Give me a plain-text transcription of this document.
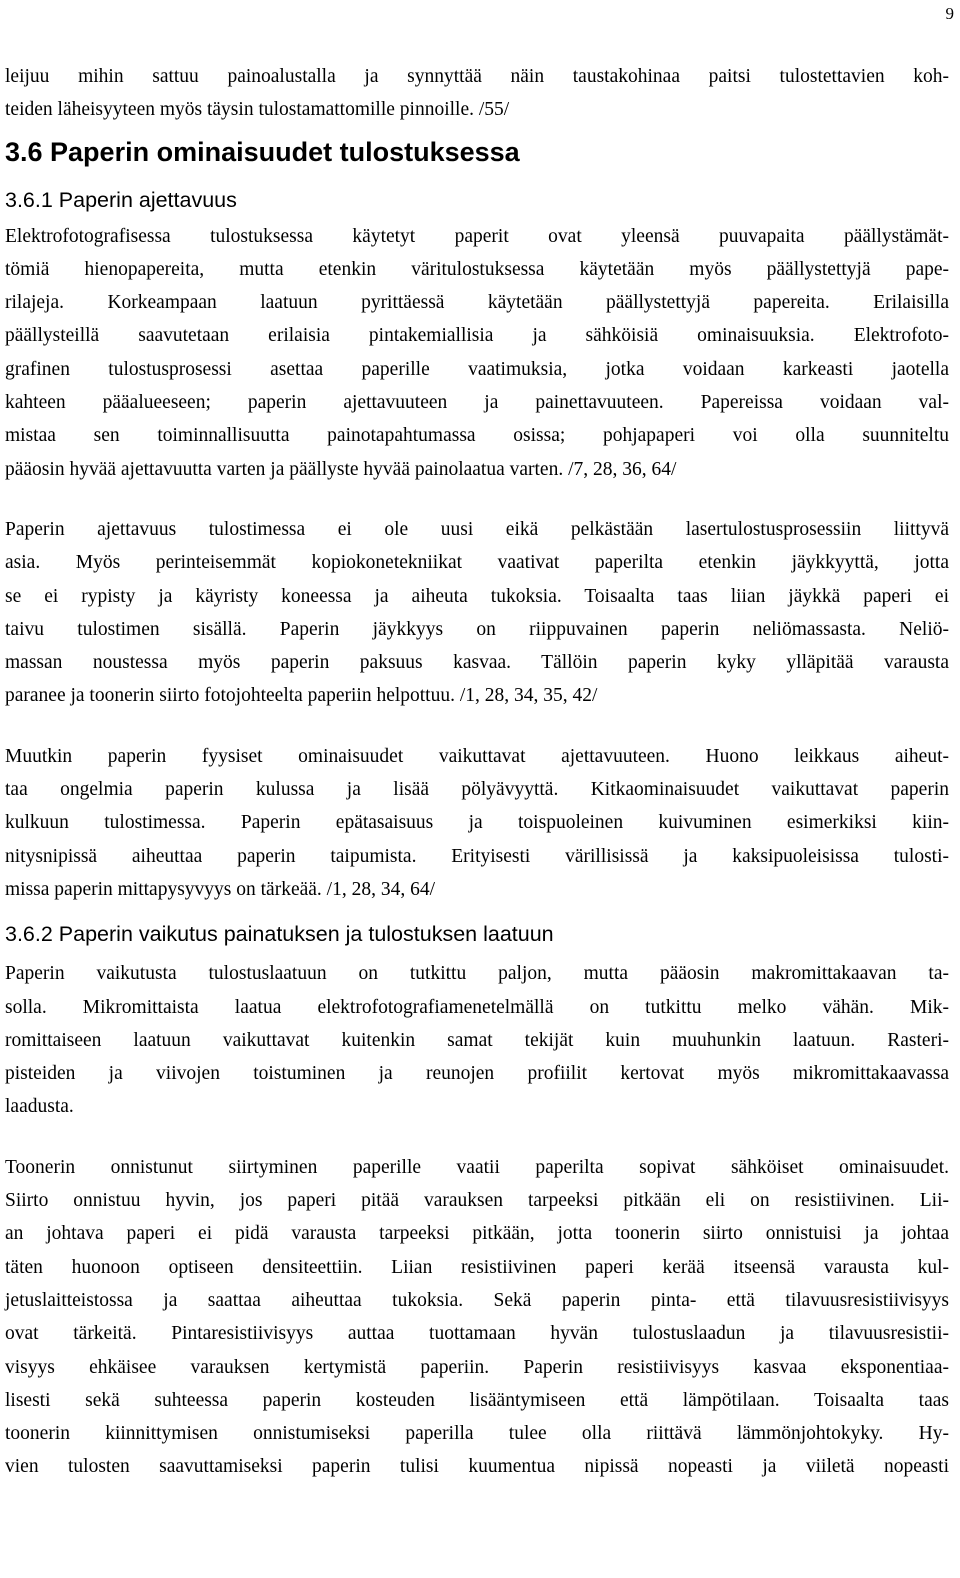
9

leijuu mihin sattuu painoalustalla ja synnyttää näin taustakohinaa paitsi tulostettavien koh-
teiden läheisyyteen myös täysin tulostamattomille pinnoille. /55/

3.6 Paperin ominaisuudet tulostuksessa
3.6.1 Paperin ajettavuus

Elektrofotografisessa tulostuksessa käytetyt paperit ovat yleensä puuvapaita päällystämät-
tömiä hienopapereita, mutta etenkin väritulostuksessa käytetään myös päällystettyjä pape-
rilajeja. Korkeampaan laatuun pyrittäessä käytetään päällystettyjä papereita. Erilaisilla
päällysteillä saavutetaan erilaisia pintakemiallisia ja sähköisiä ominaisuuksia. Elektrofoto-
grafinen tulostusprosessi asettaa paperille vaatimuksia, jotka voidaan karkeasti jaotella
kahteen pääalueeseen; paperin ajettavuuteen ja painettavuuteen. Papereissa voidaan val-
mistaa sen toiminnallisuutta painotapahtumassa osissa; pohjapaperi voi olla suunniteltu
pääosin hyvää ajettavuutta varten ja päällyste hyvää painolaatua varten. /7, 28, 36, 64/

Paperin ajettavuus tulostimessa ei ole uusi eikä pelkästään lasertulostusprosessiin liittyvä
asia. Myös perinteisemmät kopiokonetekniikat vaativat paperilta etenkin jäykkyyttä, jotta
se ei rypisty ja käyristy koneessa ja aiheuta tukoksia. Toisaalta taas liian jäykkä paperi ei
taivu tulostimen sisällä. Paperin jäykkyys on riippuvainen paperin neliömassasta. Neliö-
massan noustessa myös paperin paksuus kasvaa. Tällöin paperin kyky ylläpitää varausta
paranee ja toonerin siirto fotojohteelta paperiin helpottuu. /1, 28, 34, 35, 42/

Muutkin paperin fyysiset ominaisuudet vaikuttavat ajettavuuteen. Huono leikkaus aiheut-
taa ongelmia paperin kulussa ja lisää pölyävyyttä. Kitkaominaisuudet vaikuttavat paperin
kulkuun tulostimessa. Paperin epätasaisuus ja toispuoleinen kuivuminen esimerkiksi kiin-
nitysnipissä aiheuttaa paperin taipumista. Erityisesti värillisissä ja kaksipuoleisissa tulosti-
missa paperin mittapysyvyys on tärkeää. /1, 28, 34, 64/

3.6.2 Paperin vaikutus painatuksen ja tulostuksen laatuun

Paperin vaikutusta tulostuslaatuun on tutkittu paljon, mutta pääosin makromittakaavan ta-
solla. Mikromittaista laatua elektrofotografiamenetelmällä on tutkittu melko vähän. Mik-
romittaiseen laatuun vaikuttavat kuitenkin samat tekijät kuin muuhunkin laatuun. Rasteri-
pisteiden ja viivojen toistuminen ja reunojen profiilit kertovat myös mikromittakaavassa
laadusta.

Toonerin onnistunut siirtyminen paperille vaatii paperilta sopivat sähköiset ominaisuudet.
Siirto onnistuu hyvin, jos paperi pitää varauksen tarpeeksi pitkään eli on resistiivinen. Lii-
an johtava paperi ei pidä varausta tarpeeksi pitkään, jotta toonerin siirto onnistuisi ja johtaa
täten huonoon optiseen densiteettiin. Liian resistiivinen paperi kerää itseensä varausta kul-
jetuslaitteistossa ja saattaa aiheuttaa tukoksia. Sekä paperin pinta- että tilavuusresistiivisyys
ovat tärkeitä. Pintaresistiivisyys auttaa tuottamaan hyvän tulostuslaadun ja tilavuusresistii-
visyys ehkäisee varauksen kertymistä paperiin. Paperin resistiivisyys kasvaa eksponentiaa-
lisesti sekä suhteessa paperin kosteuden lisääntymiseen että lämpötilaan. Toisaalta taas
toonerin kiinnittymisen onnistumiseksi paperilla tulee olla riittävä lämmönjohtokyky. Hy-
vien tulosten saavuttamiseksi paperin tulisi kuumentua nipissä nopeasti ja viiletä nopeasti
